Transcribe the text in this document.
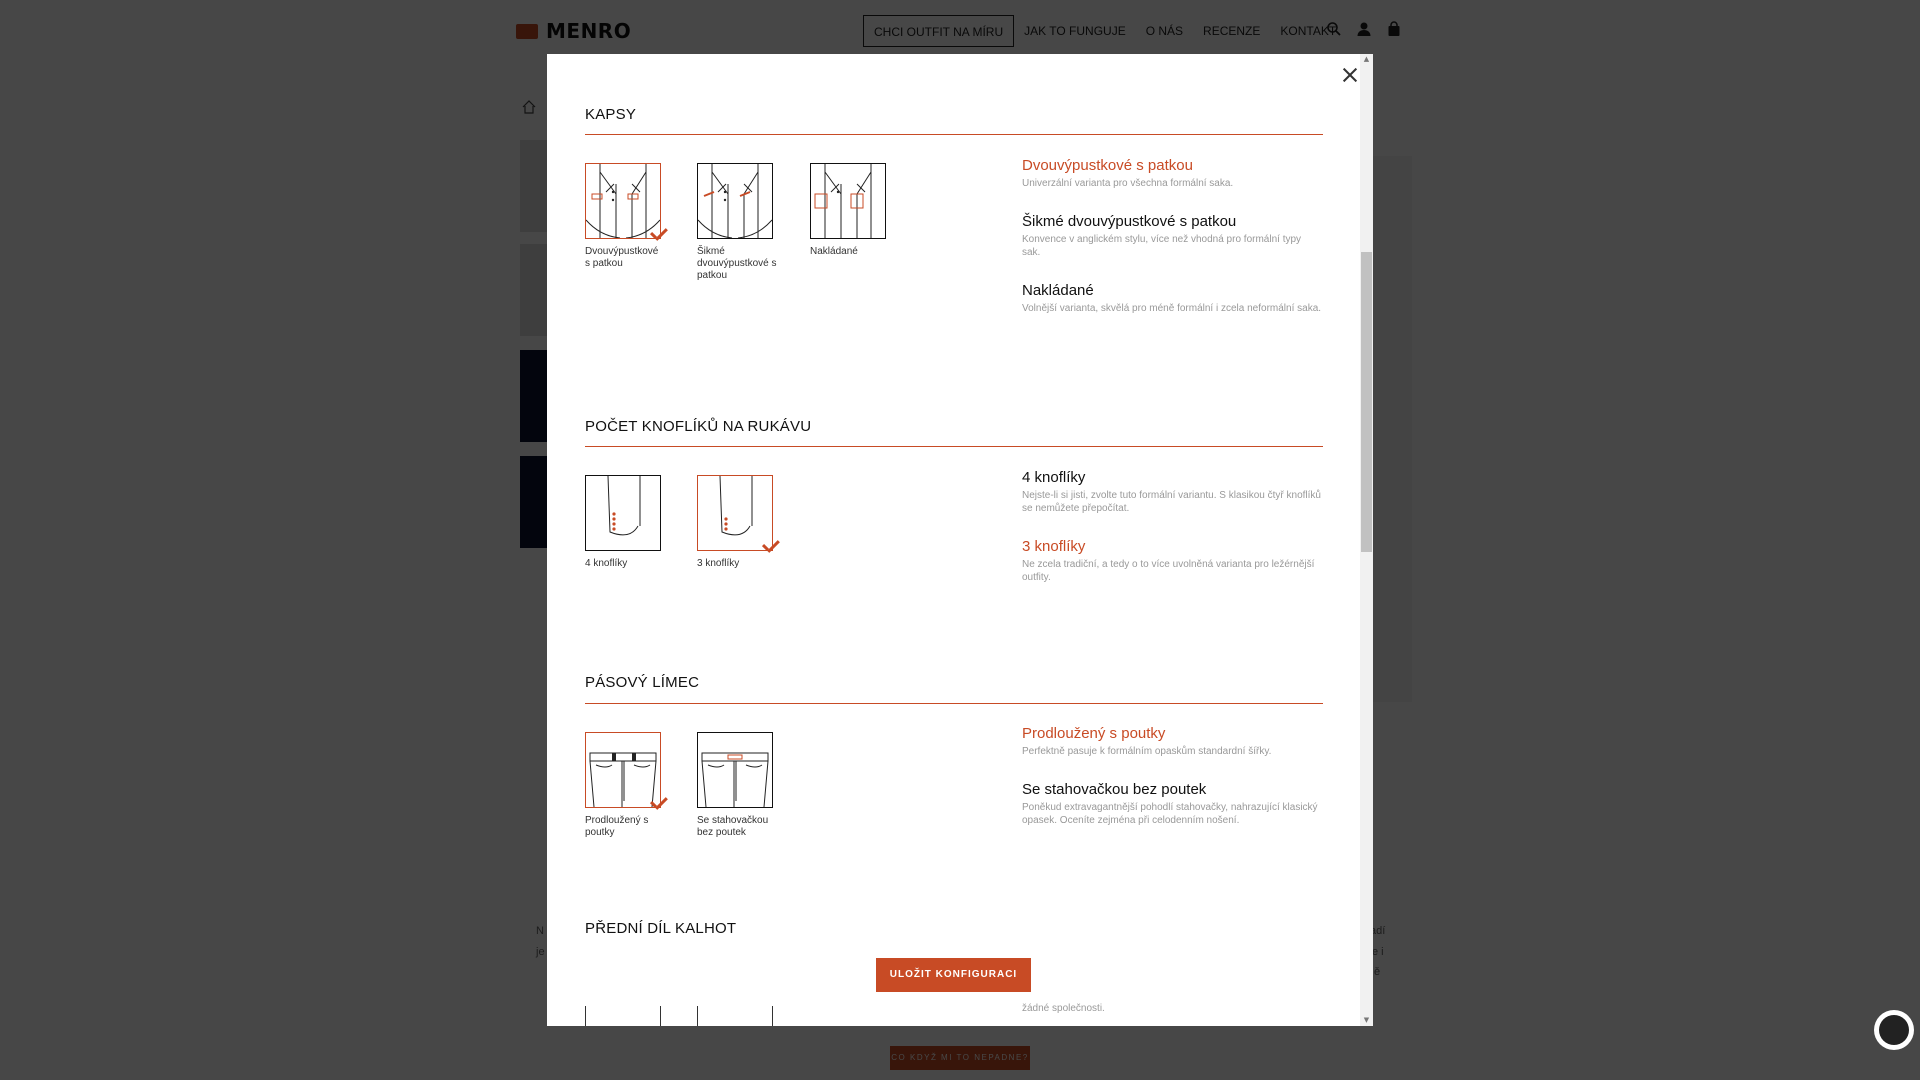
▲
▼
KAPSY
Dvouvýpustkové s patkou
Šikmé dvouvýpustkové s patkou
Nakládané
Dvouvýpustkové s patkou
Univerzální varianta pro všechna formální saka.
Šikmé dvouvýpustkové s patkou
Konvence v anglickém stylu, více než vhodná pro formální typy sak.
Nakládané
Volnější varianta, skvělá pro méně formální i zcela neformální saka.
POČET KNOFLÍKŮ NA RUKÁVU
4 knoflíky	3 knoflíky
4 knoflíky
Nejste-li si jisti, zvolte tuto formální variantu. S klasikou čtyř knoflíků se nemůžete přepočítat.
3 knoflíky
Ne zcela tradiční, a tedy o to více uvolněná varianta pro ležérnější outfity.
PÁSOVÝ LÍMEC
Prodloužený s poutky
Se stahovačkou bez poutek
Prodloužený s poutky
Perfektně pasuje k formálním opaskům standardní šířky.
Se stahovačkou bez poutek
Poněkud extravagantnější pohodlí stahovačky, nahrazující klasický opasek. Oceníte zejména při celodenním nošení.
PŘEDNÍ DÍL KALHOT
žádné společnosti.
ULOŽIT KONFIGURACI
